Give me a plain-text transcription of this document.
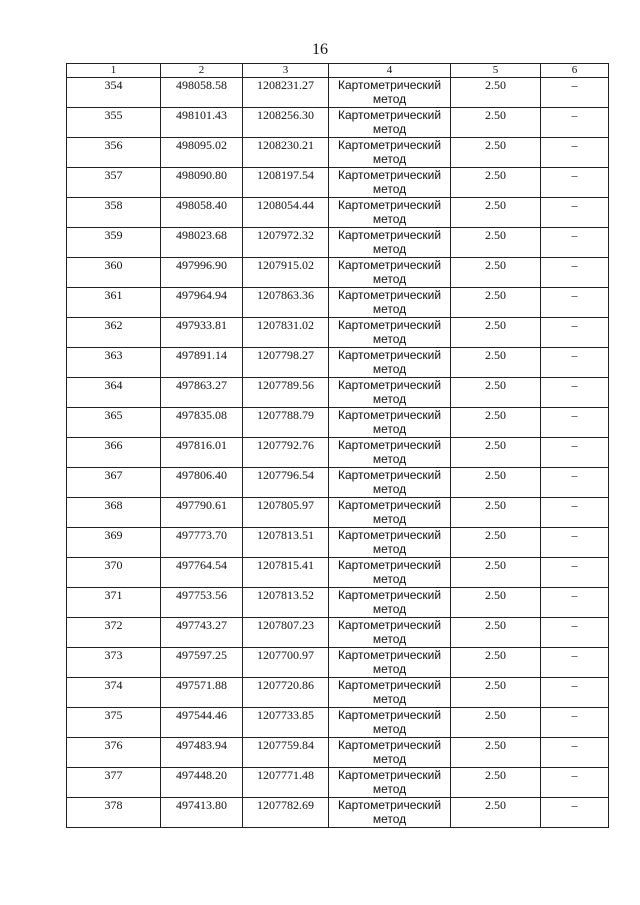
16
1	2	3	4	5	6
354	498058.58	1208231.27	Картометрический метод	2.50	–
355	498101.43	1208256.30	Картометрический метод	2.50	–
356	498095.02	1208230.21	Картометрический метод	2.50	–
357	498090.80	1208197.54	Картометрический метод	2.50	–
358	498058.40	1208054.44	Картометрический метод	2.50	–
359	498023.68	1207972.32	Картометрический метод	2.50	–
360	497996.90	1207915.02	Картометрический метод	2.50	–
361	497964.94	1207863.36	Картометрический метод	2.50	–
362	497933.81	1207831.02	Картометрический метод	2.50	–
363	497891.14	1207798.27	Картометрический метод	2.50	–
364	497863.27	1207789.56	Картометрический метод	2.50	–
365	497835.08	1207788.79	Картометрический метод	2.50	–
366	497816.01	1207792.76	Картометрический метод	2.50	–
367	497806.40	1207796.54	Картометрический метод	2.50	–
368	497790.61	1207805.97	Картометрический метод	2.50	–
369	497773.70	1207813.51	Картометрический метод	2.50	–
370	497764.54	1207815.41	Картометрический метод	2.50	–
371	497753.56	1207813.52	Картометрический метод	2.50	–
372	497743.27	1207807.23	Картометрический метод	2.50	–
373	497597.25	1207700.97	Картометрический метод	2.50	–
374	497571.88	1207720.86	Картометрический метод	2.50	–
375	497544.46	1207733.85	Картометрический метод	2.50	–
376	497483.94	1207759.84	Картометрический метод	2.50	–
377	497448.20	1207771.48	Картометрический метод	2.50	–
378	497413.80	1207782.69	Картометрический метод	2.50	–
